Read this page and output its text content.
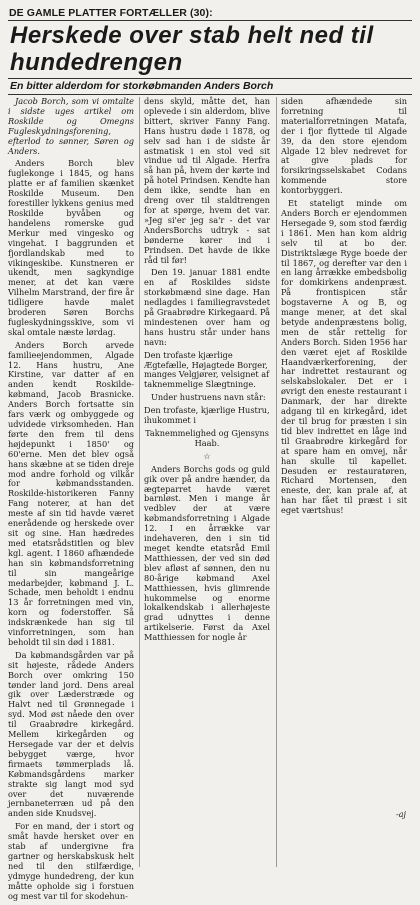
DE GAMLE PLATTER FORTÆLLER (30):
Herskede over stab helt ned til hundedrengen
En bitter alderdom for storkøbmanden Anders Borch

Jacob Borch, som vi omtalte i sidste uges artikel om Roskilde og Omegns Fugleskydningsforening, efterlod to sønner, Søren og Anders.

Anders Borch blev fuglekonge i 1845, og hans platte er af familien skænket Roskilde Museum. Den forestiller lykkens genius med Roskilde byvåben og handelens romerske gud Merkur med vingesko og vingehat. I baggrunden et fjordlandskab med to vikingeskibe. Kunstneren er ukendt, men sagkyndige mener, at det kan være Vilhelm Marstrand, der fire år tidligere havde malet broderen Søren Borchs fugleskydningsskive, som vi skal omtale næste lørdag.

Anders Borch arvede familieejendommen, Algade 12. Hans hustru, Ane Kirstine, var datter af en anden kendt Roskilde-købmand, Jacob Brasnicke. Anders Borch fortsatte sin fars værk og ombyggede og udvidede virksomheden. Han førte den frem til dens højdepunkt i 1850' og 60'erne. Men det blev også hans skæbne at se tiden dreje mod andre forhold og vilkår for købmandsstanden. Roskilde-historikeren Fanny Fang noterer, at han det meste af sin tid havde været enerådende og herskede over sit og sine. Han hædredes med etatsrådstitlen og blev kgl. agent. I 1860 afhændede han sin købmandsforretning til sin mangeårige medarbejder, købmand J. L. Schade, men beholdt i endnu 13 år forretningen med vin, korn og foderstoffer. Så indskrænkede han sig til vinforretningen, som han beholdt til sin død i 1881.

Da købmandsgården var på sit højeste, rådede Anders Borch over omkring 150 tønder land jord. Dens areal gik over Læderstræde og Halvt ned til Grønnegade i syd. Mod øst nåede den over til Graabrødre kirkegård. Mellem kirkegården og Hersegade var der et delvis bebygget værge, hvor firmaets tømmerplads lå. Købmandsgårdens marker strakte sig langt mod syd over det nuværende jernbaneterræn ud på den anden side Knudsvej.

For en mand, der i stort og småt havde hersket over en stab af undergivne fra gartner og herskabskusk helt ned til den stilfærdige, ydmyge hundedreng, der kun måtte opholde sig i forstuen og mest var til for skodehun-

dens skyld, måtte det, han oplevede i sin alderdom, blive bittert, skriver Fanny Fang. Hans hustru døde i 1878, og selv sad han i de sidste år astmatisk i en stol ved sit vindue ud til Algade. Herfra så han på, hvem der kørte ind på hotel Prindsen. Kendte han dem ikke, sendte han en dreng over til staldtrengen for at spørge, hvem det var. »Jeg si'er jeg sa'r - det var AndersBorchs udtryk - sat bønderne kører ind i Prindsen. Det havde de ikke råd til før!

Den 19. januar 1881 endte en af Roskildes sidste storkøbmænd sine dage. Han nedlagdes i familiegravstedet på Graabrødre Kirkegaard. På mindestenen over ham og hans hustru står under hans navn:

Den trofaste kjærlige Ægtefælle, Højagtede Borger, manges Velgjører, velsignet af taknemmelige Slægtninge.

Under hustruens navn står:

Den trofaste, kjærlige Hustru, ihukommet i

Taknemmelighed og Gjensyns Haab.

☆

Anders Borchs gods og guld gik over på andre hænder, da ægteparret havde været barnløst. Men i mange år vedblev der at være købmandsforretning i Algade 12. I en årrække var indehaveren, den i sin tid meget kendte etatsråd Emil Matthiessen, der ved sin død blev afløst af sønnen, den nu 80-årige købmand Axel Matthiessen, hvis glimrende hukommelse og enorme lokalkendskab i allerhøjeste grad udnyttes i denne artikelserie. Først da Axel Matthiessen for nogle år

siden afhændede sin forretning til materialforretningen Matafa, der i fjor flyttede til Algade 39, da den store ejendom Algade 12 blev nedrevet for at give plads for forsikringsselskabet Codans kommende store kontorbyggeri.

Et stateligt minde om Anders Borch er ejendommen Hersegade 9, som stod færdig i 1861. Men han kom aldrig selv til at bo der. Distriktslæge Ryge boede der til 1867, og derefter var den i en lang årrække embedsbolig for domkirkens andenpræst. På frontispicen står bogstaverne A og B, og mange mener, at det skal betyde andenpræstens bolig, men de står rettelig for Anders Borch. Siden 1956 har den været ejet af Roskilde Haandværkerforening, der har indrettet restaurant og selskabslokaler. Det er i øvrigt den eneste restaurant i Danmark, der har direkte adgang til en kirkegård, idet der til brug for præsten i sin tid blev indrettet en låge ind til Graabrødre kirkegård for at spare ham en omvej, når han skulle til kapellet. Desuden er restauratøren, Richard Mortensen, den eneste, der, kan prale af, at han har fået til præst i sit eget værtshus!

-aj
